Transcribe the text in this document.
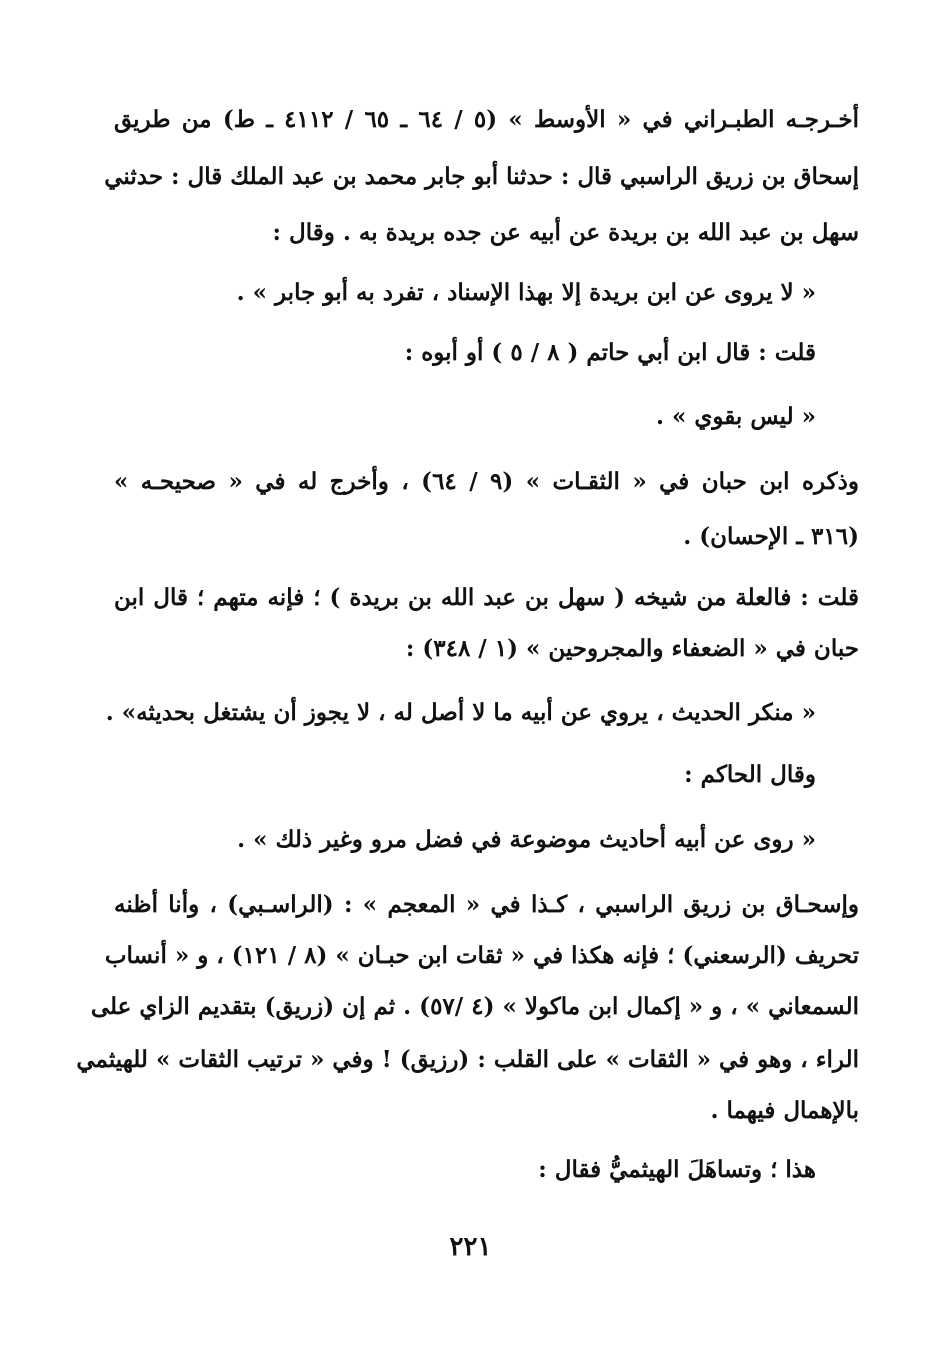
أخـرجـه الطبـراني في « الأوسط » (٥ / ٦٤ ـ ٦٥ / ٤١١٢ ـ ط) من طريق
إسحاق بن زريق الراسبي قال : حدثنا أبو جابر محمد بن عبد الملك قال : حدثني
سهل بن عبد الله بن بريدة عن أبيه عن جده بريدة به . وقال :
« لا يروى عن ابن بريدة إلا بهذا الإسناد ، تفرد به أبو جابر » .
قلت : قال ابن أبي حاتم ( ٨ / ٥ ) أو أبوه :
« ليس بقوي » .
وذكره ابن حبان في « الثقـات » (٩ / ٦٤) ، وأخرج له في « صحيحـه »
(٣١٦ ـ الإحسان) .
قلت : فالعلة من شيخه ( سهل بن عبد الله بن بريدة ) ؛ فإنه متهم ؛ قال ابن
حبان في « الضعفاء والمجروحين » (١ / ٣٤٨) :
« منكر الحديث ، يروي عن أبيه ما لا أصل له ، لا يجوز أن يشتغل بحديثه» .
وقال الحاكم :
« روى عن أبيه أحاديث موضوعة في فضل مرو وغير ذلك » .
وإسحـاق بن زريق الراسبي ، كـذا في « المعجم » : (الراسـبي) ، وأنا أظنه
تحريف (الرسعني) ؛ فإنه هكذا في « ثقات ابن حبـان » (٨ / ١٢١) ، و « أنساب
السمعاني » ، و « إكمال ابن ماكولا » (٤ /٥٧) . ثم إن (زريق) بتقديم الزاي على
الراء ، وهو في « الثقات » على القلب : (رزيق) ! وفي « ترتيب الثقات » للهيثمي
بالإهمال فيهما .
هذا ؛ وتساهَلَ الهيثميُّ فقال :
٢٢١
